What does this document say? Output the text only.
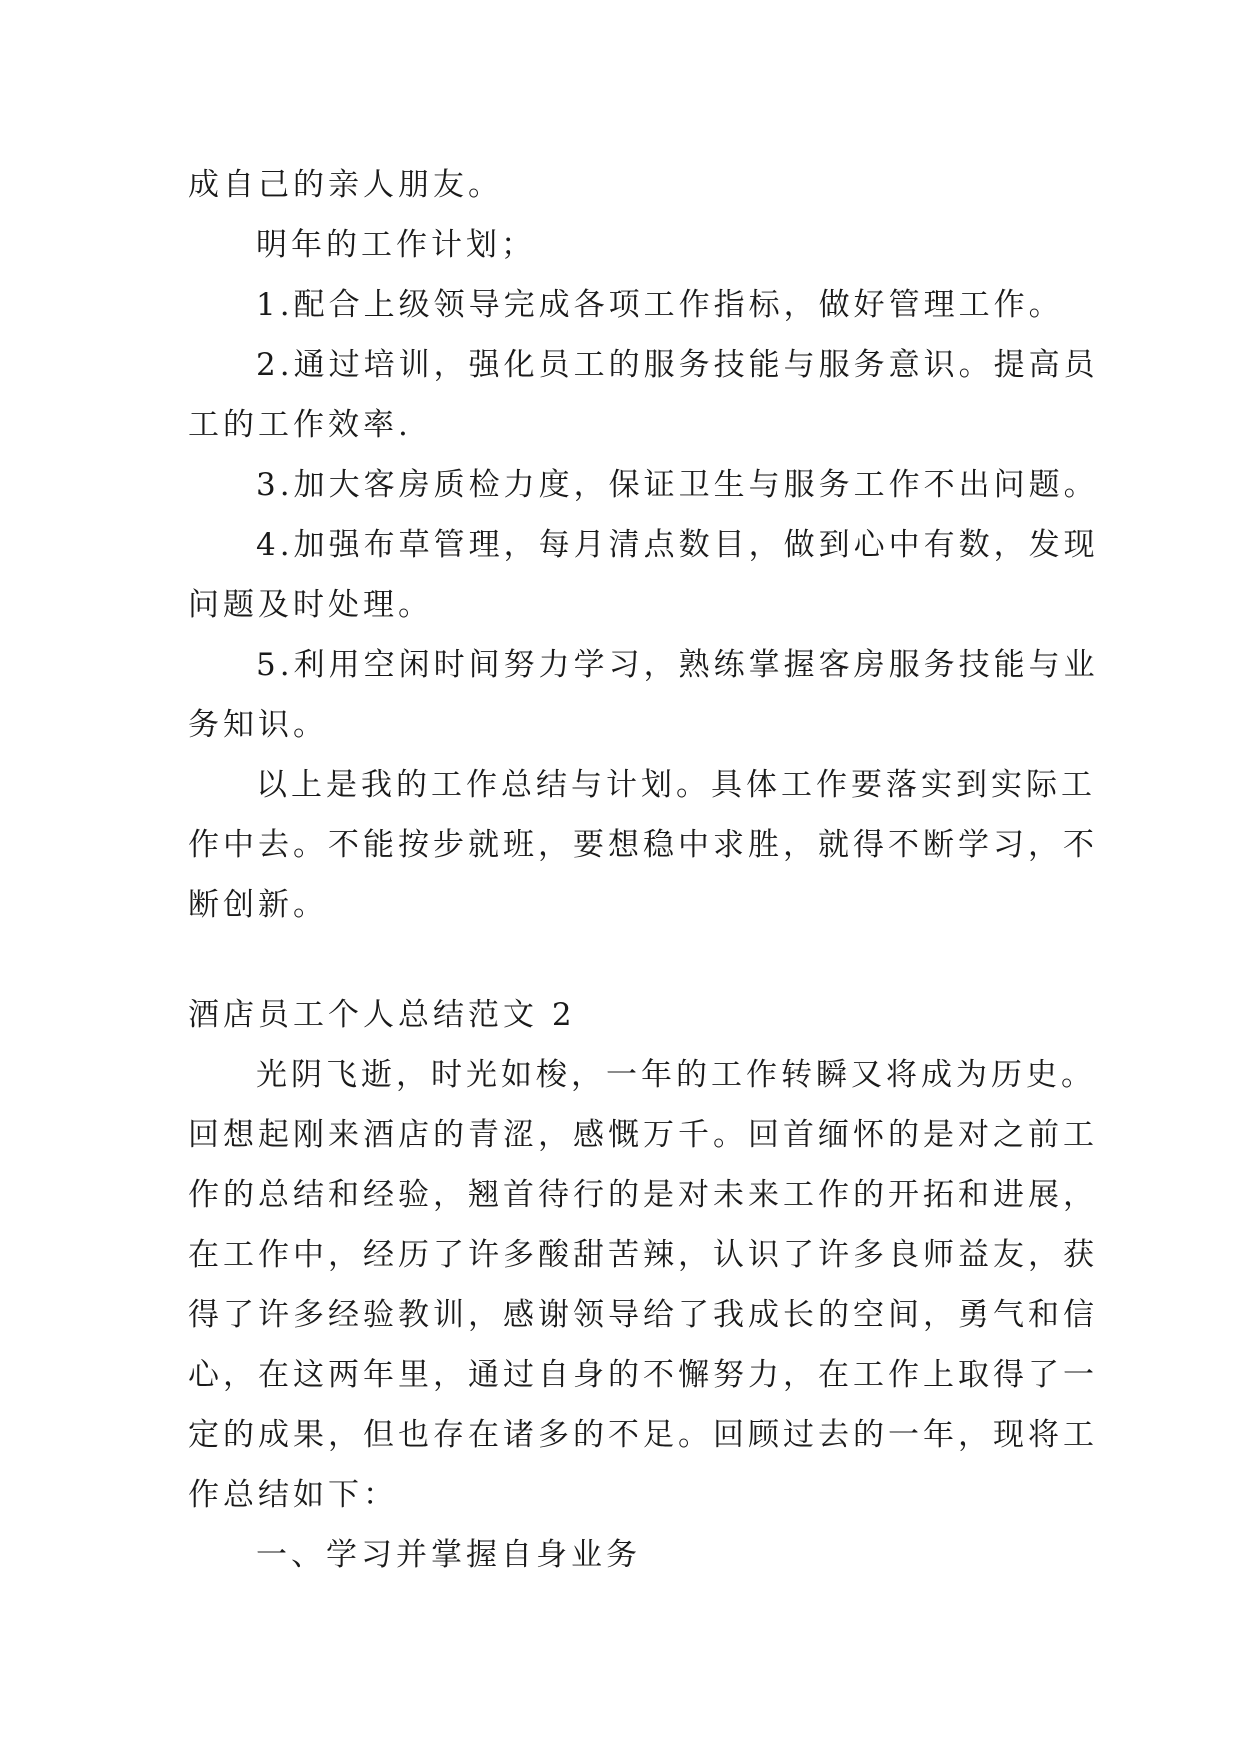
成自己的亲人朋友。
明年的工作计划；
1.配合上级领导完成各项工作指标，做好管理工作。
2.通过培训，强化员工的服务技能与服务意识。提高员
工的工作效率.
3.加大客房质检力度，保证卫生与服务工作不出问题。
4.加强布草管理，每月清点数目，做到心中有数，发现
问题及时处理。
5.利用空闲时间努力学习，熟练掌握客房服务技能与业
务知识。
以上是我的工作总结与计划。具体工作要落实到实际工
作中去。不能按步就班，要想稳中求胜，就得不断学习，不
断创新。
酒店员工个人总结范文 2
光阴飞逝，时光如梭，一年的工作转瞬又将成为历史。
回想起刚来酒店的青涩，感慨万千。回首缅怀的是对之前工
作的总结和经验，翘首待行的是对未来工作的开拓和进展，
在工作中，经历了许多酸甜苦辣，认识了许多良师益友，获
得了许多经验教训，感谢领导给了我成长的空间，勇气和信
心，在这两年里，通过自身的不懈努力，在工作上取得了一
定的成果，但也存在诸多的不足。回顾过去的一年，现将工
作总结如下：
一、学习并掌握自身业务
